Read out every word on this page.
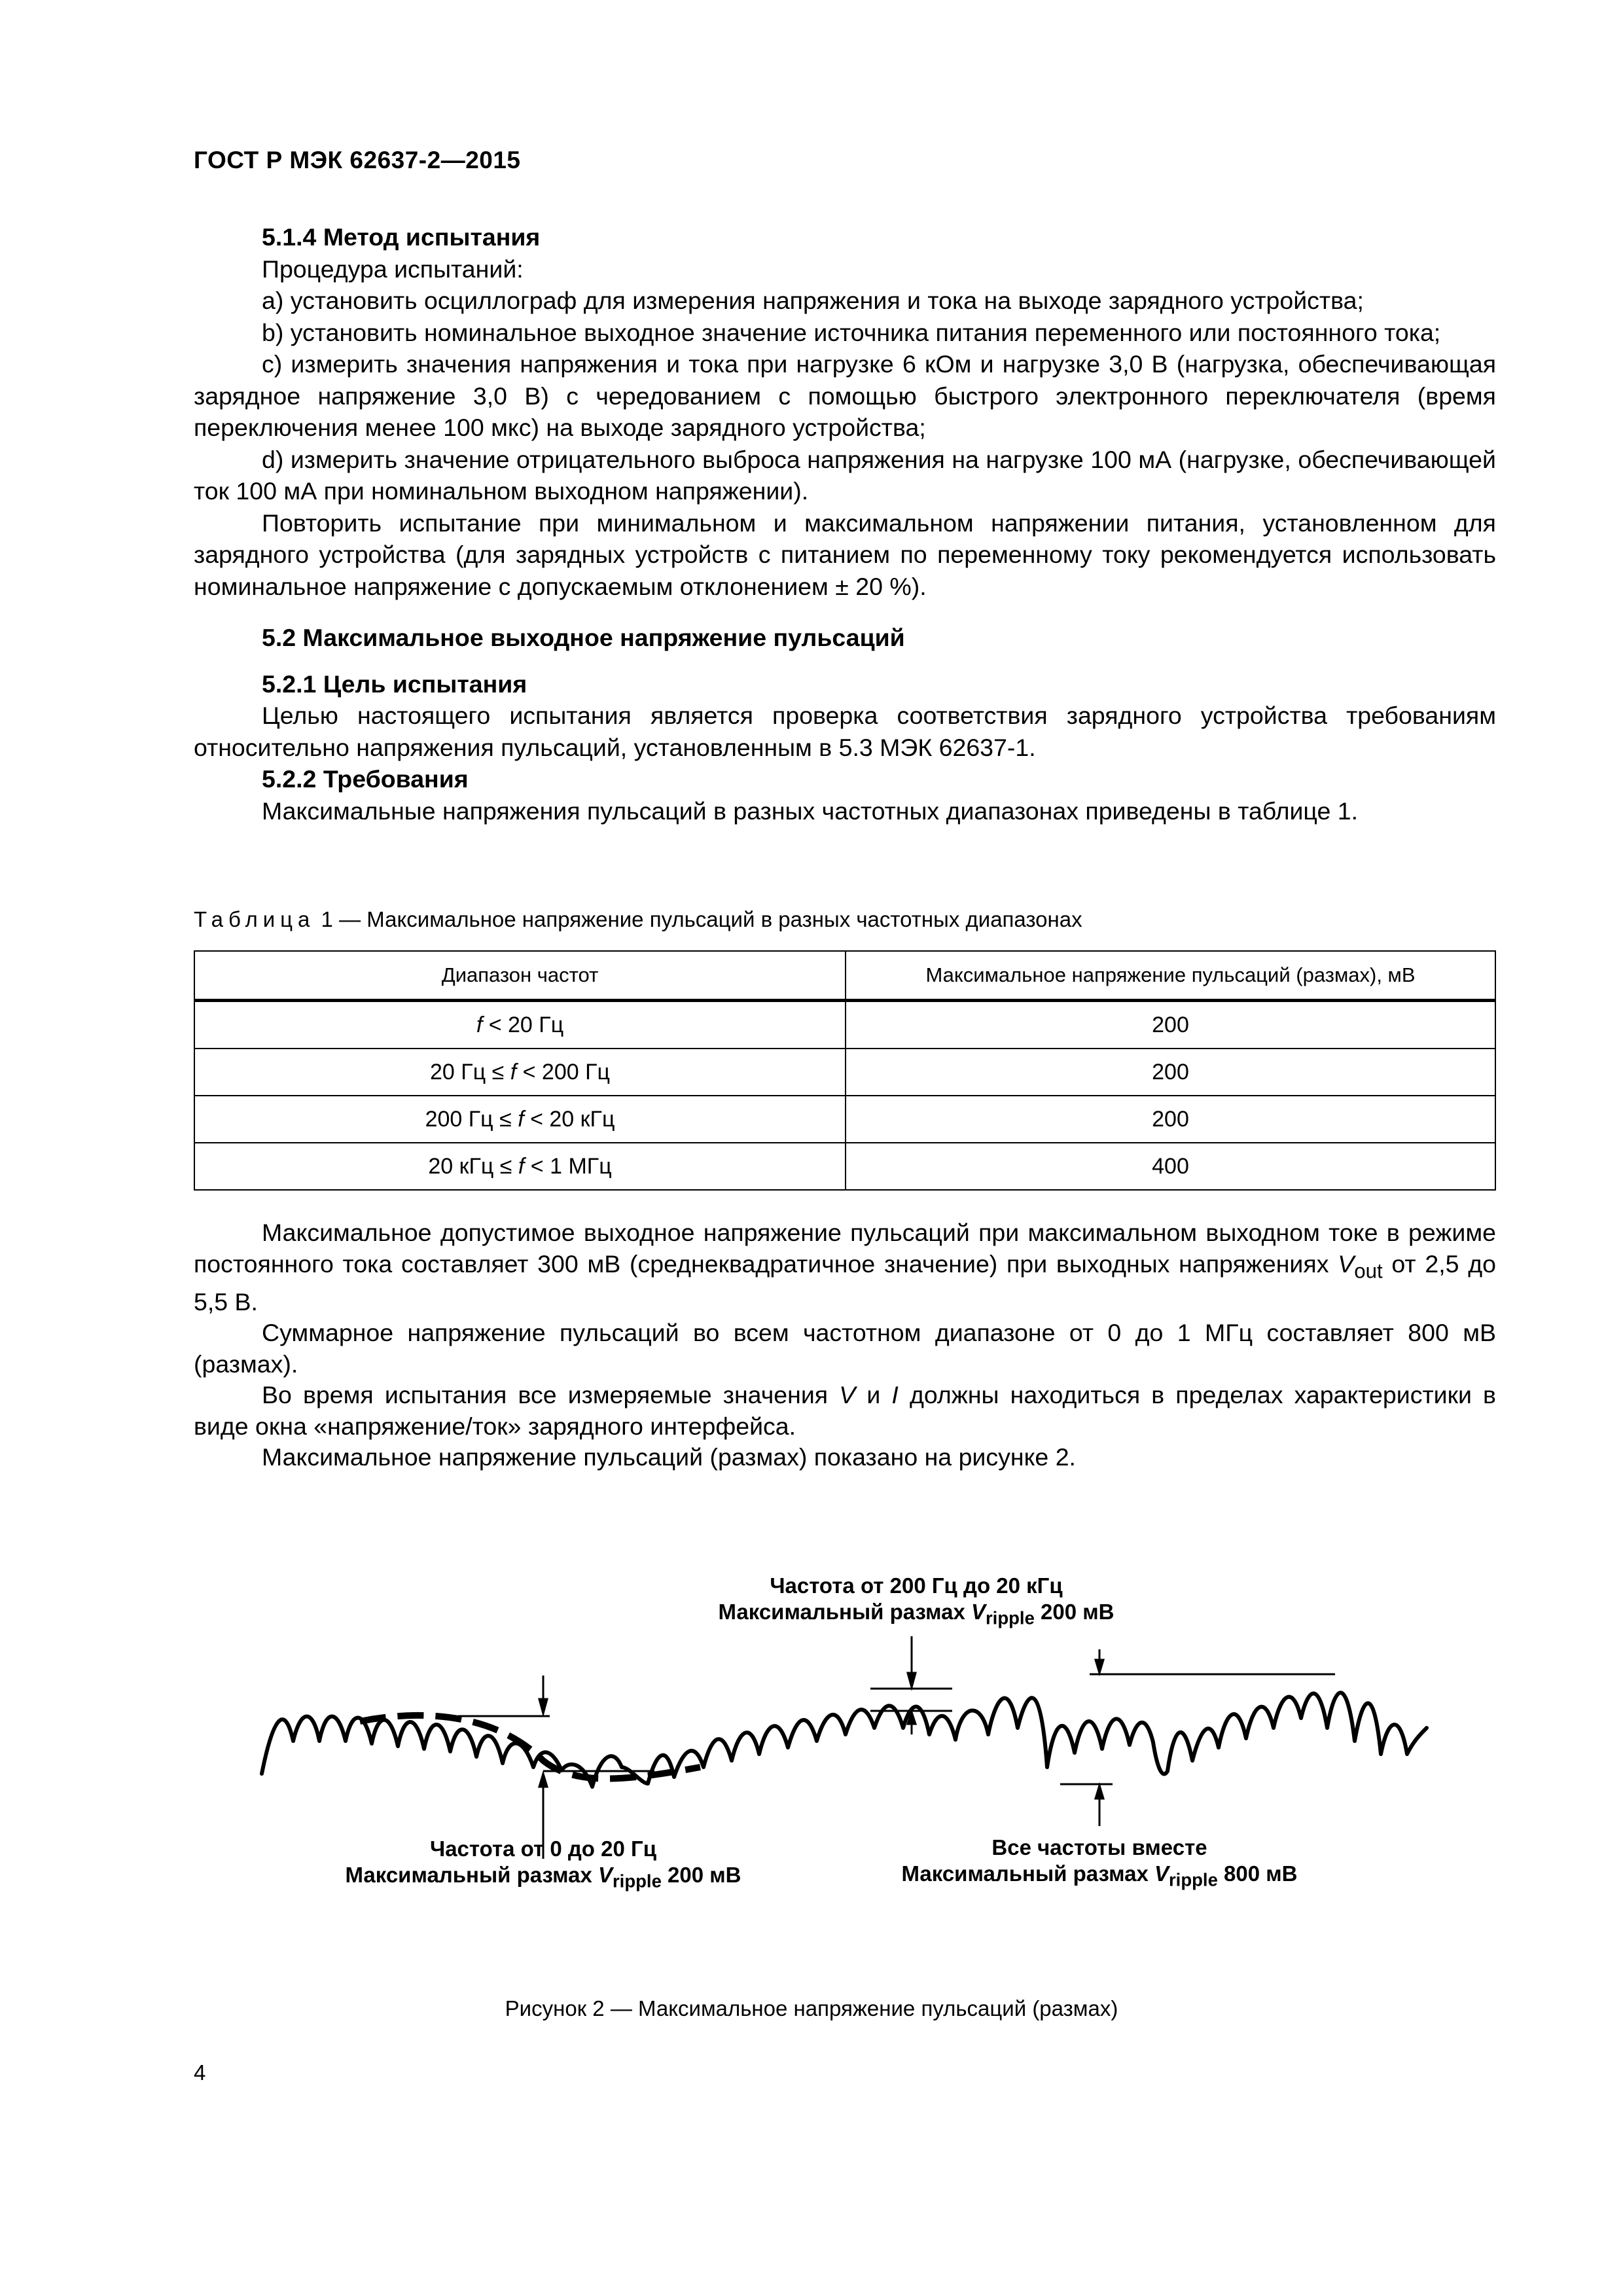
ГОСТ Р МЭК 62637-2—2015

5.1.4 Метод испытания

Процедура испытаний:

a) установить осциллограф для измерения напряжения и тока на выходе зарядного устройства;

b) установить номинальное выходное значение источника питания переменного или постоянного тока;

c) измерить значения напряжения и тока при нагрузке 6 кОм и нагрузке 3,0 В (нагрузка, обеспечивающая зарядное напряжение 3,0 В) с чередованием с помощью быстрого электронного переключателя (время переключения менее 100 мкс) на выходе зарядного устройства;

d) измерить значение отрицательного выброса напряжения на нагрузке 100 мА (нагрузке, обеспечивающей ток 100 мА при номинальном выходном напряжении).

Повторить испытание при минимальном и максимальном напряжении питания, установленном для зарядного устройства (для зарядных устройств с питанием по переменному току рекомендуется использовать номинальное напряжение с допускаемым отклонением ± 20 %).

5.2 Максимальное выходное напряжение пульсаций

5.2.1 Цель испытания

Целью настоящего испытания является проверка соответствия зарядного устройства требованиям относительно напряжения пульсаций, установленным в 5.3 МЭК 62637-1.

5.2.2 Требования

Максимальные напряжения пульсаций в разных частотных диапазонах приведены в таблице 1.

Таблица 1 — Максимальное напряжение пульсаций в разных частотных диапазонах
Диапазон частот	Максимальное напряжение пульсаций (размах), мВ
f < 20 Гц	200
20 Гц ≤ f < 200 Гц	200
200 Гц ≤ f < 20 кГц	200
20 кГц ≤ f < 1 МГц	400

Максимальное допустимое выходное напряжение пульсаций при максимальном выходном токе в режиме постоянного тока составляет 300 мВ (среднеквадратичное значение) при выходных напряжениях $V_{out}$ от 2,5 до 5,5 В.

Суммарное напряжение пульсаций во всем частотном диапазоне от 0 до 1 МГц составляет 800 мВ (размах).

Во время испытания все измеряемые значения V и I должны находиться в пределах характеристики в виде окна «напряжение/ток» зарядного интерфейса.

Максимальное напряжение пульсаций (размах) показано на рисунке 2.

Частота от 200 Гц до 20 кГц
Максимальный размах $V_{ripple}$ 200 мВ
Частота от 0 до 20 Гц
Максимальный размах $V_{ripple}$ 200 мВ
Все частоты вместе
Максимальный размах $V_{ripple}$ 800 мВ
Рисунок 2 — Максимальное напряжение пульсаций (размах)
4
